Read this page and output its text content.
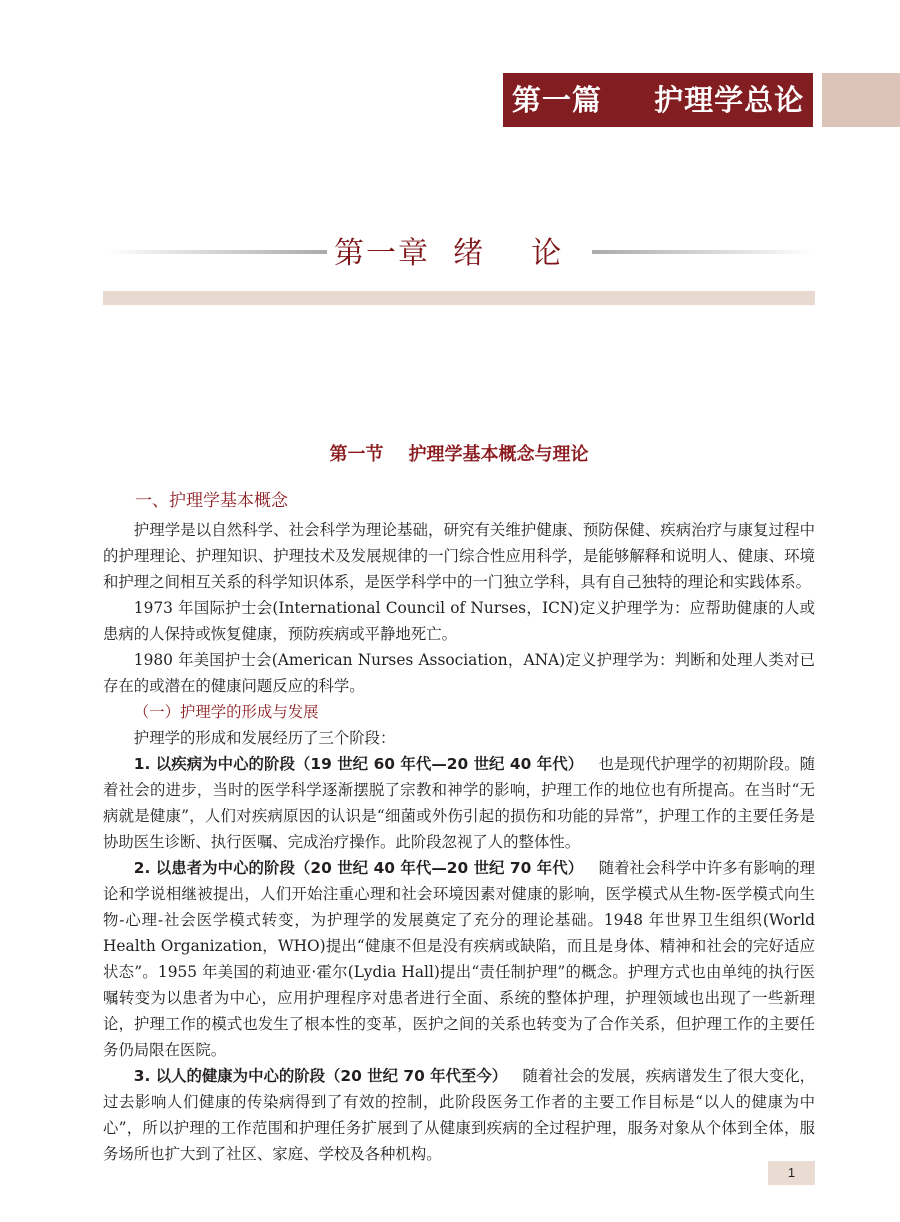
第一篇 护理学总论
第一章  绪    论
第一节    护理学基本概念与理论
一、护理学基本概念

护理学是以自然科学、社会科学为理论基础，研究有关维护健康、预防保健、疾病治疗与康复过程中的护理理论、护理知识、护理技术及发展规律的一门综合性应用科学，是能够解释和说明人、健康、环境和护理之间相互关系的科学知识体系，是医学科学中的一门独立学科，具有自己独特的理论和实践体系。

1973 年国际护士会(International Council of Nurses，ICN)定义护理学为：应帮助健康的人或患病的人保持或恢复健康，预防疾病或平静地死亡。

1980 年美国护士会(American Nurses Association，ANA)定义护理学为：判断和处理人类对已存在的或潜在的健康问题反应的科学。

（一）护理学的形成与发展

护理学的形成和发展经历了三个阶段：

1. 以疾病为中心的阶段（19 世纪 60 年代—20 世纪 40 年代）  也是现代护理学的初期阶段。随着社会的进步，当时的医学科学逐渐摆脱了宗教和神学的影响，护理工作的地位也有所提高。在当时“无病就是健康”，人们对疾病原因的认识是“细菌或外伤引起的损伤和功能的异常”，护理工作的主要任务是协助医生诊断、执行医嘱、完成治疗操作。此阶段忽视了人的整体性。

2. 以患者为中心的阶段（20 世纪 40 年代—20 世纪 70 年代）  随着社会科学中许多有影响的理论和学说相继被提出，人们开始注重心理和社会环境因素对健康的影响，医学模式从生物-医学模式向生物-心理-社会医学模式转变，为护理学的发展奠定了充分的理论基础。1948 年世界卫生组织(World Health Organization，WHO)提出“健康不但是没有疾病或缺陷，而且是身体、精神和社会的完好适应状态”。1955 年美国的莉迪亚·霍尔(Lydia Hall)提出“责任制护理”的概念。护理方式也由单纯的执行医嘱转变为以患者为中心，应用护理程序对患者进行全面、系统的整体护理，护理领域也出现了一些新理论，护理工作的模式也发生了根本性的变革，医护之间的关系也转变为了合作关系，但护理工作的主要任务仍局限在医院。

3. 以人的健康为中心的阶段（20 世纪 70 年代至今）  随着社会的发展，疾病谱发生了很大变化，过去影响人们健康的传染病得到了有效的控制，此阶段医务工作者的主要工作目标是“以人的健康为中心”，所以护理的工作范围和护理任务扩展到了从健康到疾病的全过程护理，服务对象从个体到全体，服务场所也扩大到了社区、家庭、学校及各种机构。

1
